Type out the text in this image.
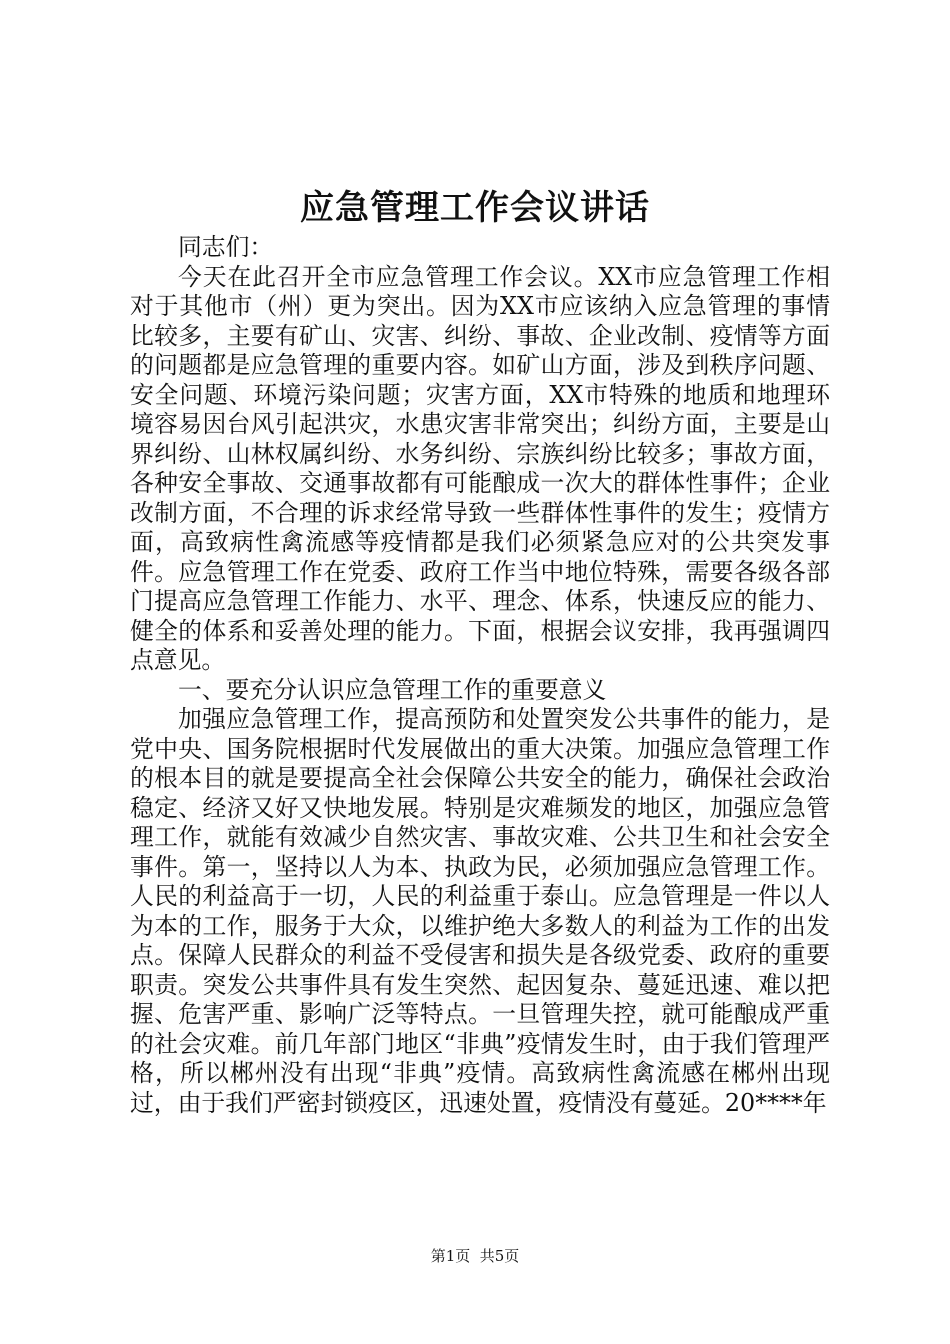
应急管理工作会议讲话

同志们：

今天在此召开全市应急管理工作会议。XX市应急管理工作相对于其他市（州）更为突出。因为XX市应该纳入应急管理的事情比较多，主要有矿山、灾害、纠纷、事故、企业改制、疫情等方面的问题都是应急管理的重要内容。如矿山方面，涉及到秩序问题、安全问题、环境污染问题；灾害方面，XX市特殊的地质和地理环境容易因台风引起洪灾，水患灾害非常突出；纠纷方面，主要是山界纠纷、山林权属纠纷、水务纠纷、宗族纠纷比较多；事故方面，各种安全事故、交通事故都有可能酿成一次大的群体性事件；企业改制方面，不合理的诉求经常导致一些群体性事件的发生；疫情方面，高致病性禽流感等疫情都是我们必须紧急应对的公共突发事件。应急管理工作在党委、政府工作当中地位特殊，需要各级各部门提高应急管理工作能力、水平、理念、体系，快速反应的能力、健全的体系和妥善处理的能力。下面，根据会议安排，我再强调四点意见。

一、要充分认识应急管理工作的重要意义

加强应急管理工作，提高预防和处置突发公共事件的能力，是党中央、国务院根据时代发展做出的重大决策。加强应急管理工作的根本目的就是要提高全社会保障公共安全的能力，确保社会政治稳定、经济又好又快地发展。特别是灾难频发的地区，加强应急管理工作，就能有效减少自然灾害、事故灾难、公共卫生和社会安全事件。第一，坚持以人为本、执政为民，必须加强应急管理工作。人民的利益高于一切，人民的利益重于泰山。应急管理是一件以人为本的工作，服务于大众，以维护绝大多数人的利益为工作的出发点。保障人民群众的利益不受侵害和损失是各级党委、政府的重要职责。突发公共事件具有发生突然、起因复杂、蔓延迅速、难以把握、危害严重、影响广泛等特点。一旦管理失控，就可能酿成严重的社会灾难。前几年部门地区“非典”疫情发生时，由于我们管理严格，所以郴州没有出现“非典”疫情。高致病性禽流感在郴州出现过，由于我们严密封锁疫区，迅速处置，疫情没有蔓延。20****年

第1页  共5页
